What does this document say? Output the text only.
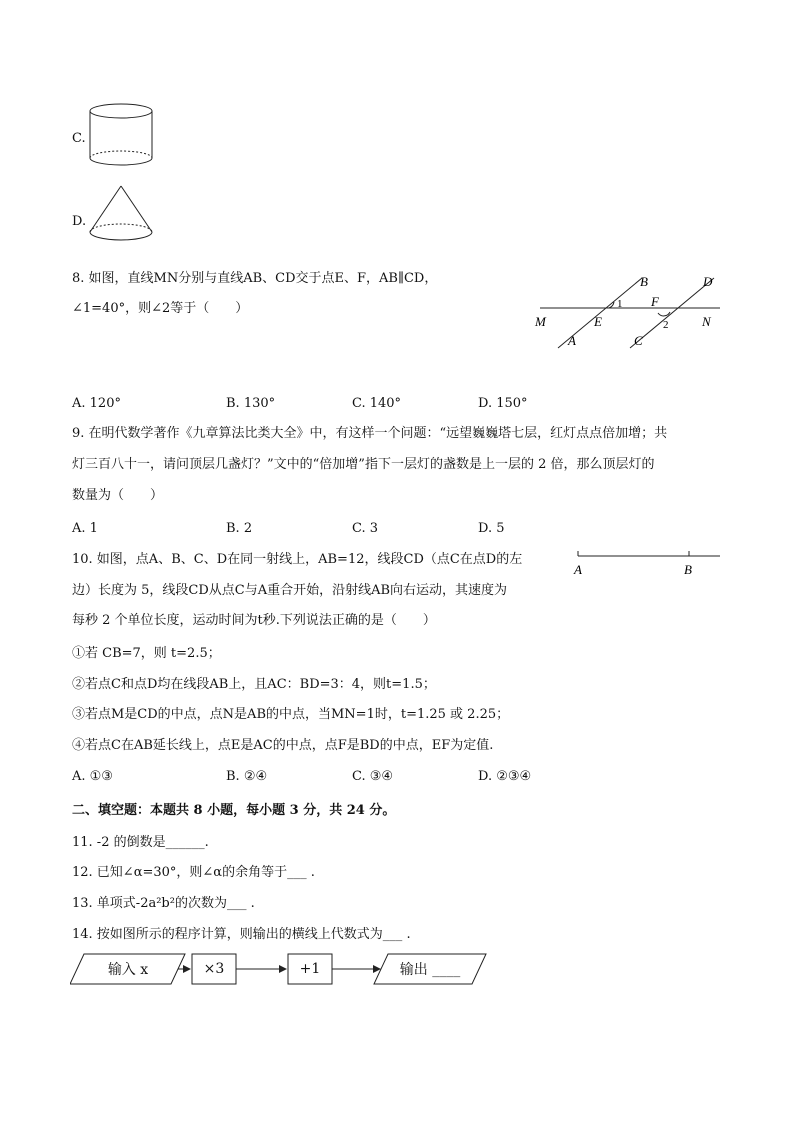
C.
D.
8. 如图，直线MN分别与直线AB、CD交于点E、F，AB∥CD，
∠1=40°，则∠2等于（　　）
B	D
1 F
M	E	N
2
A	C
A. 120°	B. 130°	C. 140°	D. 150°
9. 在明代数学著作《九章算法比类大全》中，有这样一个问题：“远望巍巍塔七层，红灯点点倍加增；共
灯三百八十一，请问顶层几盏灯？”文中的“倍加增”指下一层灯的盏数是上一层的 2 倍，那么顶层灯的
数量为（　　）
A. 1	B. 2	C. 3	D. 5
10. 如图，点A、B、C、D在同一射线上，AB=12，线段CD（点C在点D的左
边）长度为 5，线段CD从点C与A重合开始，沿射线AB向右运动，其速度为
每秒 2 个单位长度，运动时间为t秒.下列说法正确的是（　　）
A	B
①若 CB=7，则 t=2.5；
②若点C和点D均在线段AB上，且AC：BD=3：4，则t=1.5；
③若点M是CD的中点，点N是AB的中点，当MN=1时，t=1.25 或 2.25；
④若点C在AB延长线上，点E是AC的中点，点F是BD的中点，EF为定值.
A. ①③	B. ②④	C. ③④	D. ②③④
二、填空题：本题共 8 小题，每小题 3 分，共 24 分。
11. -2 的倒数是______.
12. 已知∠α=30°，则∠α的余角等于___ .
13. 单项式-2a²b²的次数为___ .
14. 按如图所示的程序计算，则输出的横线上代数式为___ .
输入 x	×3	+1	输出 ____
